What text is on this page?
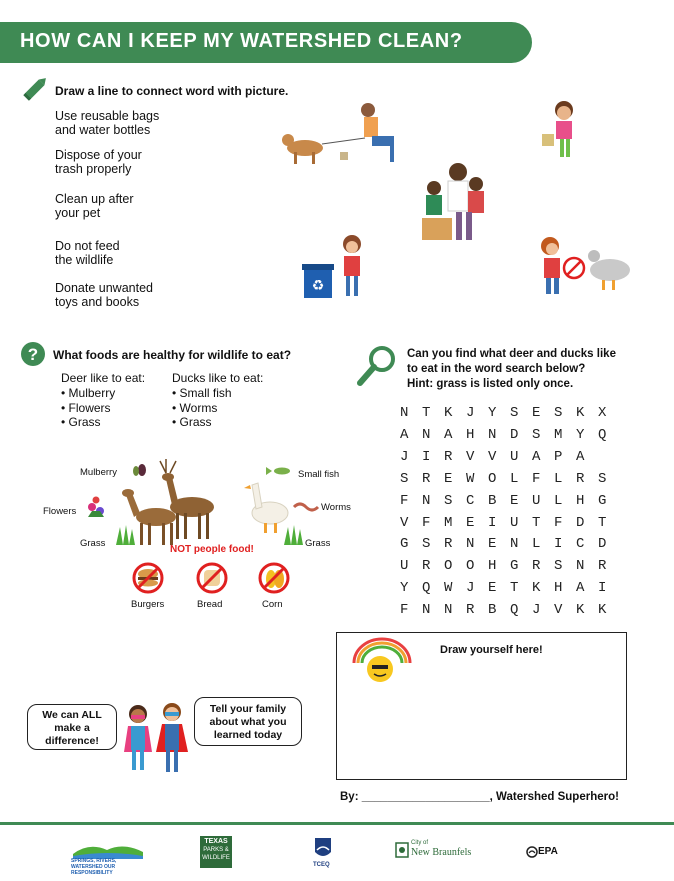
HOW CAN I KEEP MY WATERSHED CLEAN?
Draw a line to connect word with picture.
Use reusable bags
and water bottles
Dispose of your
trash properly
Clean up after
your pet
Do not feed
the wildlife
Donate unwanted
toys and books
♻
? What foods are healthy for wildlife to eat?
Deer like to eat:
• Mulberry
• Flowers
• Grass
Ducks like to eat:
• Small fish
• Worms
• Grass
Mulberry
Flowers
Grass
Small fish
Worms
Grass
NOT people food!
Burgers	Bread	Corn
Can you find what deer and ducks like
to eat in the word search below?
Hint: grass is listed only once.
N T K J Y S E S K X
A N A H N D S M Y Q
J I R V V U A P A
S R E W O L F L R S
F N S C B E U L H G
V F M E I U T F D T
G S R N E N L I C D
U R O O H G R S N R
Y Q W J E T K H A I
F N N R B Q J V K K
We can ALL
make a
difference!
Tell your family
about what you
learned today
Draw yourself here!
By: ____________________, Watershed Superhero!
SPRINGS, RIVERS, WATERSHED OUR RESPONSIBILITY
TEXAS
PARKS &
WILDLIFE
TCEQ
City of
New Braunfels	EPA
